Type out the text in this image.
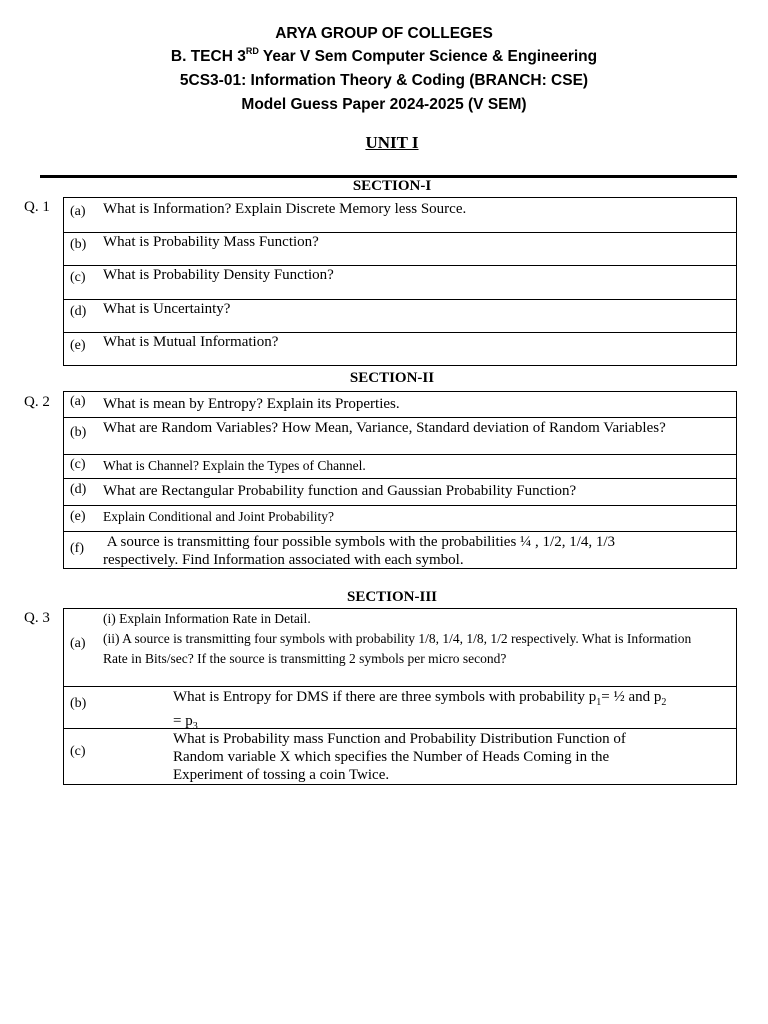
ARYA GROUP OF COLLEGES
B. TECH 3RD Year V Sem Computer Science & Engineering
5CS3-01: Information Theory & Coding (BRANCH: CSE)
Model Guess Paper 2024-2025 (V SEM)
UNIT I
SECTION-I
Q. 1 (a) What is Information? Explain Discrete Memory less Source.
(b) What is Probability Mass Function?
(c) What is Probability Density Function?
(d) What is Uncertainty?
(e) What is Mutual Information?
SECTION-II
Q. 2 (a) What is mean by Entropy? Explain its Properties.
(b) What are Random Variables? How Mean, Variance, Standard deviation of Random Variables?
(c) What is Channel? Explain the Types of Channel.
(d) What are Rectangular Probability function and Gaussian Probability Function?
(e) Explain Conditional and Joint Probability?
(f) A source is transmitting four possible symbols with the probabilities ¼ , 1/2, 1/4, 1/3 respectively. Find Information associated with each symbol.
SECTION-III
Q. 3
(a)
(i) Explain Information Rate in Detail.
(ii) A source is transmitting four symbols with probability 1/8, 1/4, 1/8, 1/2 respectively. What is Information Rate in Bits/sec? If the source is transmitting 2 symbols per micro second?
(b)	What is Entropy for DMS if there are three symbols with probability $p_1=$ ½ and $p_2 = p_3$
(c)
What is Probability mass Function and Probability Distribution Function of Random variable X which specifies the Number of Heads Coming in the Experiment of tossing a coin Twice.
